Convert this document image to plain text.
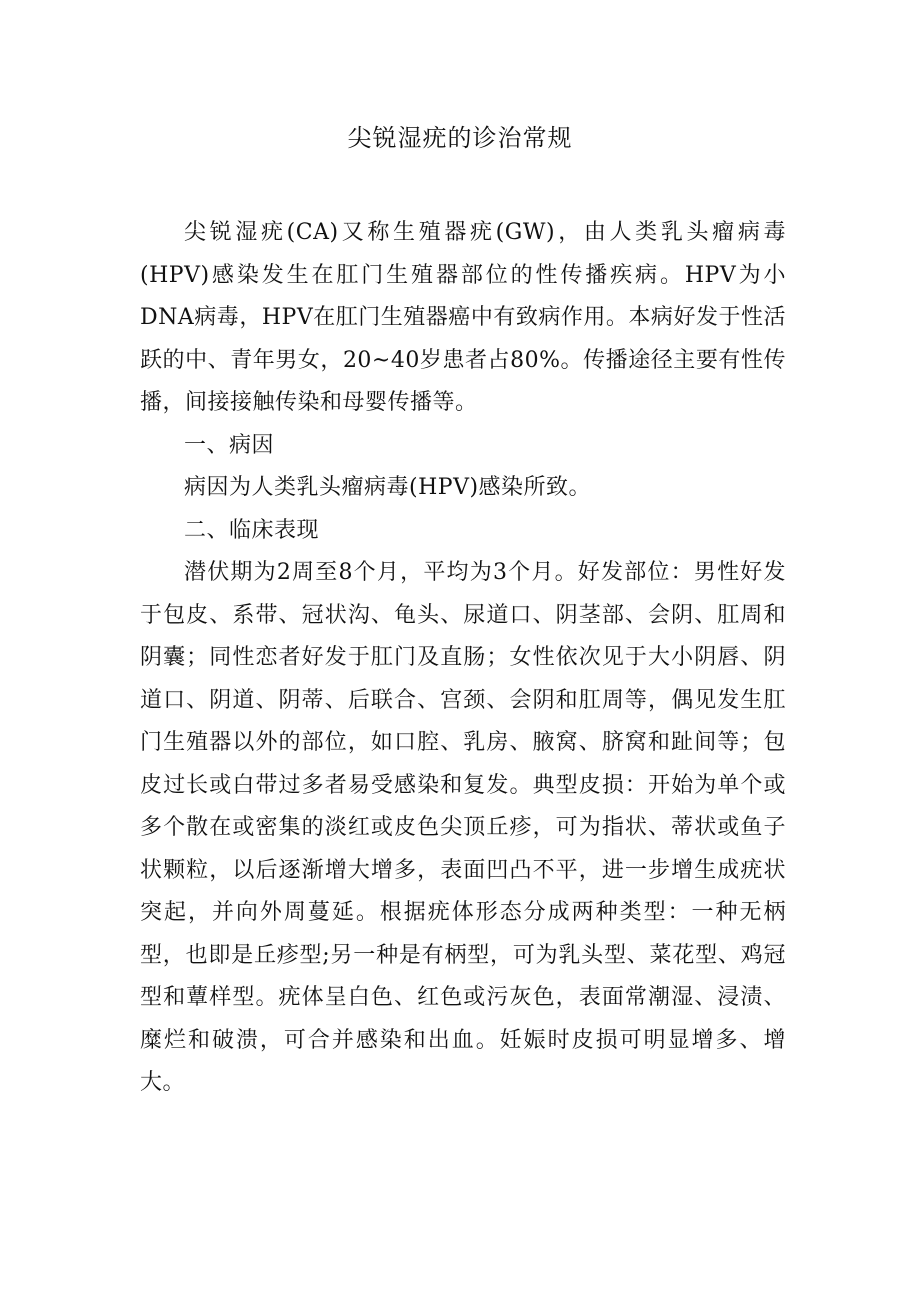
尖锐湿疣的诊治常规

尖锐湿疣(CA)又称生殖器疣(GW)，由人类乳头瘤病毒(HPV)感染发生在肛门生殖器部位的性传播疾病。HPV为小DNA病毒，HPV在肛门生殖器癌中有致病作用。本病好发于性活跃的中、青年男女，20~40岁患者占80%。传播途径主要有性传播，间接接触传染和母婴传播等。

一、病因

病因为人类乳头瘤病毒(HPV)感染所致。

二、临床表现

潜伏期为2周至8个月，平均为3个月。好发部位：男性好发于包皮、系带、冠状沟、龟头、尿道口、阴茎部、会阴、肛周和阴囊；同性恋者好发于肛门及直肠；女性依次见于大小阴唇、阴道口、阴道、阴蒂、后联合、宫颈、会阴和肛周等，偶见发生肛门生殖器以外的部位，如口腔、乳房、腋窝、脐窝和趾间等；包皮过长或白带过多者易受感染和复发。典型皮损：开始为单个或多个散在或密集的淡红或皮色尖顶丘疹，可为指状、蒂状或鱼子状颗粒，以后逐渐增大增多，表面凹凸不平，进一步增生成疣状突起，并向外周蔓延。根据疣体形态分成两种类型：一种无柄型，也即是丘疹型;另一种是有柄型，可为乳头型、菜花型、鸡冠型和蕈样型。疣体呈白色、红色或污灰色，表面常潮湿、浸渍、糜烂和破溃，可合并感染和出血。妊娠时皮损可明显增多、增大。
